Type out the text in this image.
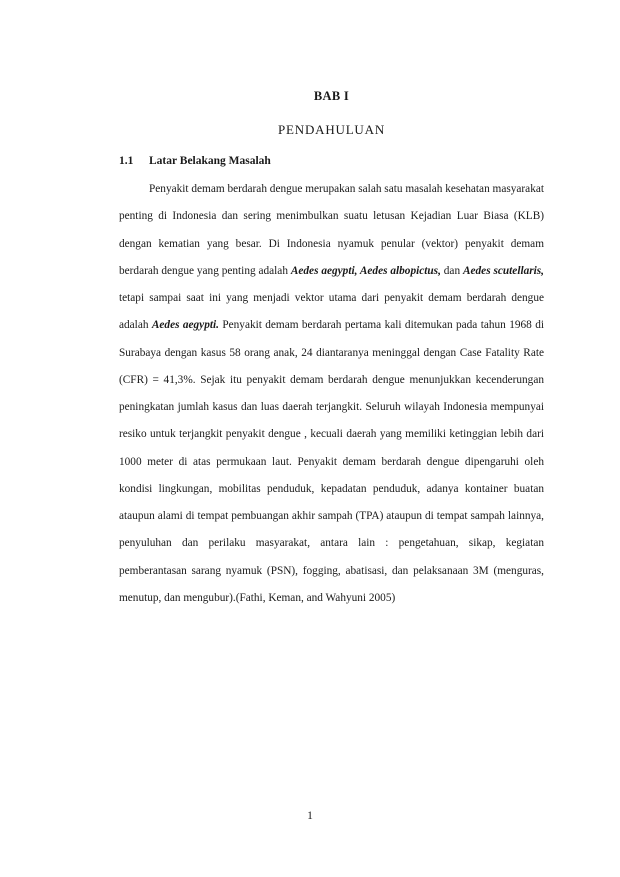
BAB I
PENDAHULUAN
1.1 Latar Belakang Masalah

Penyakit demam berdarah dengue merupakan salah satu masalah kesehatan masyarakat penting di Indonesia dan sering menimbulkan suatu letusan Kejadian Luar Biasa (KLB) dengan kematian yang besar. Di Indonesia nyamuk penular (vektor) penyakit demam berdarah dengue yang penting adalah Aedes aegypti, Aedes albopictus, dan Aedes scutellaris, tetapi sampai saat ini yang menjadi vektor utama dari penyakit demam berdarah dengue adalah Aedes aegypti. Penyakit demam berdarah pertama kali ditemukan pada tahun 1968 di Surabaya dengan kasus 58 orang anak, 24 diantaranya meninggal dengan Case Fatality Rate (CFR) = 41,3%. Sejak itu penyakit demam berdarah dengue menunjukkan kecenderungan peningkatan jumlah kasus dan luas daerah terjangkit. Seluruh wilayah Indonesia mempunyai resiko untuk terjangkit penyakit dengue , kecuali daerah yang memiliki ketinggian lebih dari 1000 meter di atas permukaan laut. Penyakit demam berdarah dengue dipengaruhi oleh kondisi lingkungan, mobilitas penduduk, kepadatan penduduk, adanya kontainer buatan ataupun alami di tempat pembuangan akhir sampah (TPA) ataupun di tempat sampah lainnya, penyuluhan dan perilaku masyarakat, antara lain : pengetahuan, sikap, kegiatan pemberantasan sarang nyamuk (PSN), fogging, abatisasi, dan pelaksanaan 3M (menguras, menutup, dan mengubur).(Fathi, Keman, and Wahyuni 2005)

1
